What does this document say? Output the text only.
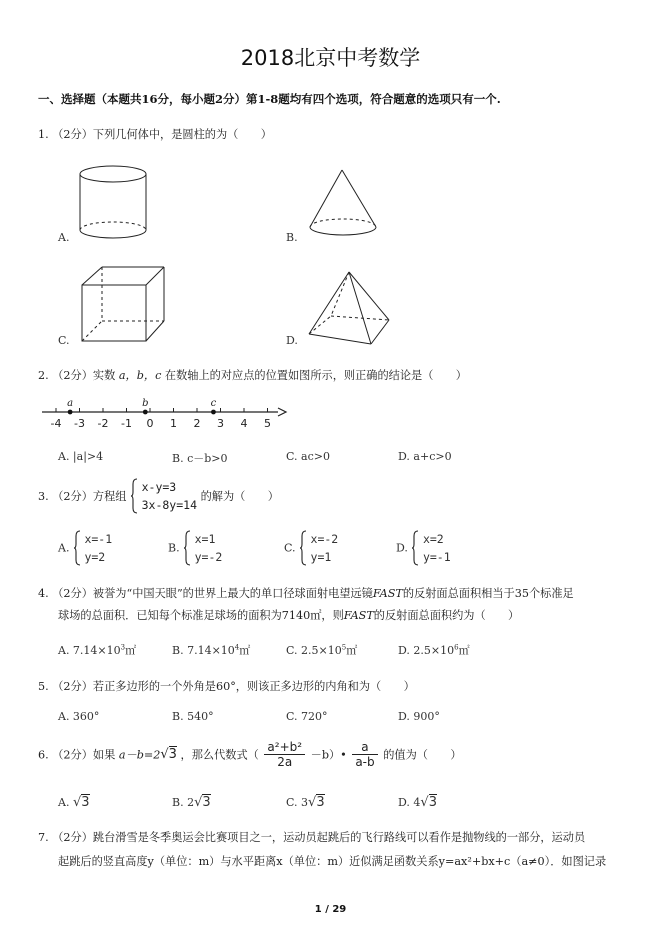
2018北京中考数学
一、选择题（本题共16分，每小题2分）第1-8题均有四个选项，符合题意的选项只有一个.
1. （2分）下列几何体中，是圆柱的为（　　）
A.	B.
C.	D.
2. （2分）实数 a，b，c 在数轴上的对应点的位置如图所示，则正确的结论是（　　）
-4 -3 -2 -1 0 1 2 3 4 5
a	b	c
A. |a|>4	B. c－b>0	C. ac>0	D. a+c>0
3. （2分）方程组
x-y=3
3x-8y=14
的解为（　　）
A.
x=-1
y=2
B.
x=1
y=-2
C.
x=-2
y=1
D.
x=2
y=-1
4. （2分）被誉为“中国天眼”的世界上最大的单口径球面射电望远镜FAST的反射面总面积相当于35个标准足
球场的总面积．已知每个标准足球场的面积为7140㎡，则FAST的反射面总面积约为（　　）
A. $7.14\times 10^3㎡$	B. $7.14\times 10^4㎡$	C. $2.5\times 10^5㎡$	D. $2.5\times 10^6㎡$
5. （2分）若正多边形的一个外角是60°，则该正多边形的内角和为（　　）
A. 360°	B. 540°	C. 720°	D. 900°
6. （2分）如果 a－b=2√3 ，那么代数式（ $\frac{\text{a²+b²}}{2a}$ －b）• $\frac{a}{a-b}$ 的值为（　　）
A. √3	B. 2√3	C. 3√3	D. 4√3
7. （2分）跳台滑雪是冬季奥运会比赛项目之一，运动员起跳后的飞行路线可以看作是抛物线的一部分，运动员
起跳后的竖直高度y（单位：m）与水平距离x（单位：m）近似满足函数关系y=ax²+bx+c（a≠0）．如图记录
1 / 29
